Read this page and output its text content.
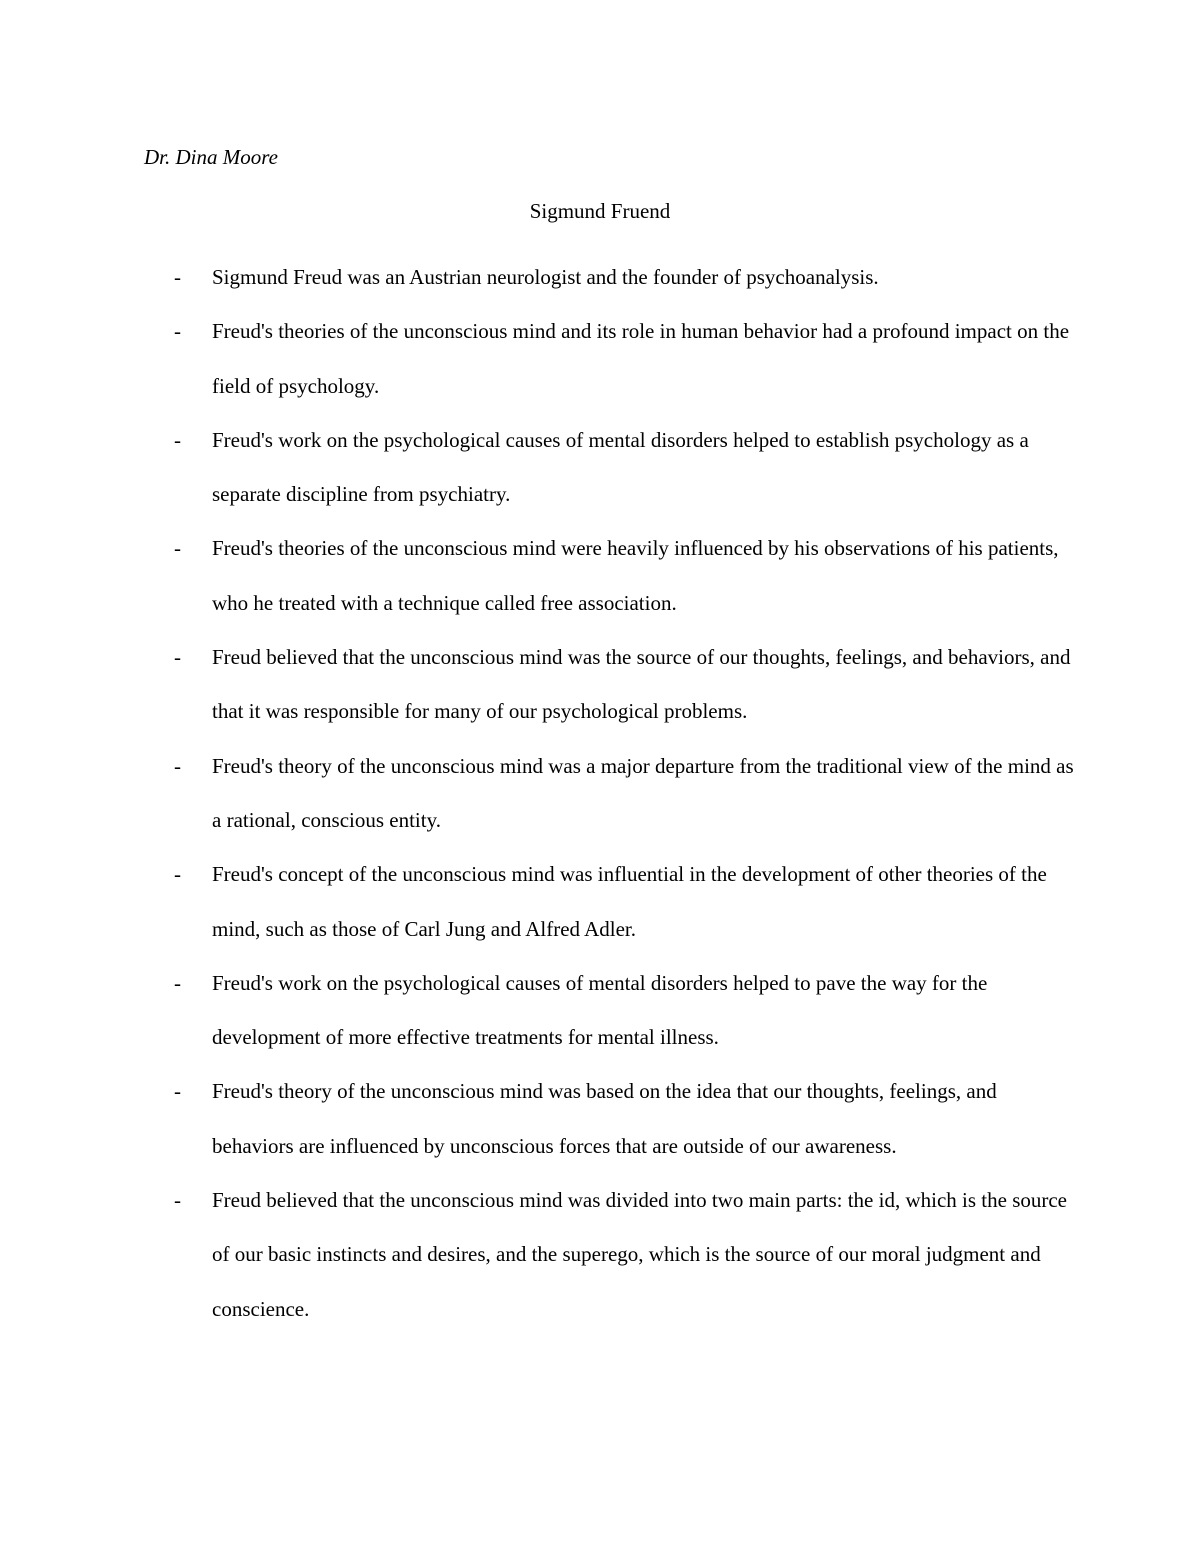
Dr. Dina Moore
Sigmund Fruend
- Sigmund Freud was an Austrian neurologist and the founder of psychoanalysis.
- Freud's theories of the unconscious mind and its role in human behavior had a profound impact on the field of psychology.
- Freud's work on the psychological causes of mental disorders helped to establish psychology as a separate discipline from psychiatry.
- Freud's theories of the unconscious mind were heavily influenced by his observations of his patients, who he treated with a technique called free association.
- Freud believed that the unconscious mind was the source of our thoughts, feelings, and behaviors, and that it was responsible for many of our psychological problems.
- Freud's theory of the unconscious mind was a major departure from the traditional view of the mind as a rational, conscious entity.
- Freud's concept of the unconscious mind was influential in the development of other theories of the mind, such as those of Carl Jung and Alfred Adler.
- Freud's work on the psychological causes of mental disorders helped to pave the way for the development of more effective treatments for mental illness.
- Freud's theory of the unconscious mind was based on the idea that our thoughts, feelings, and behaviors are influenced by unconscious forces that are outside of our awareness.
- Freud believed that the unconscious mind was divided into two main parts: the id, which is the source of our basic instincts and desires, and the superego, which is the source of our moral judgment and conscience.
